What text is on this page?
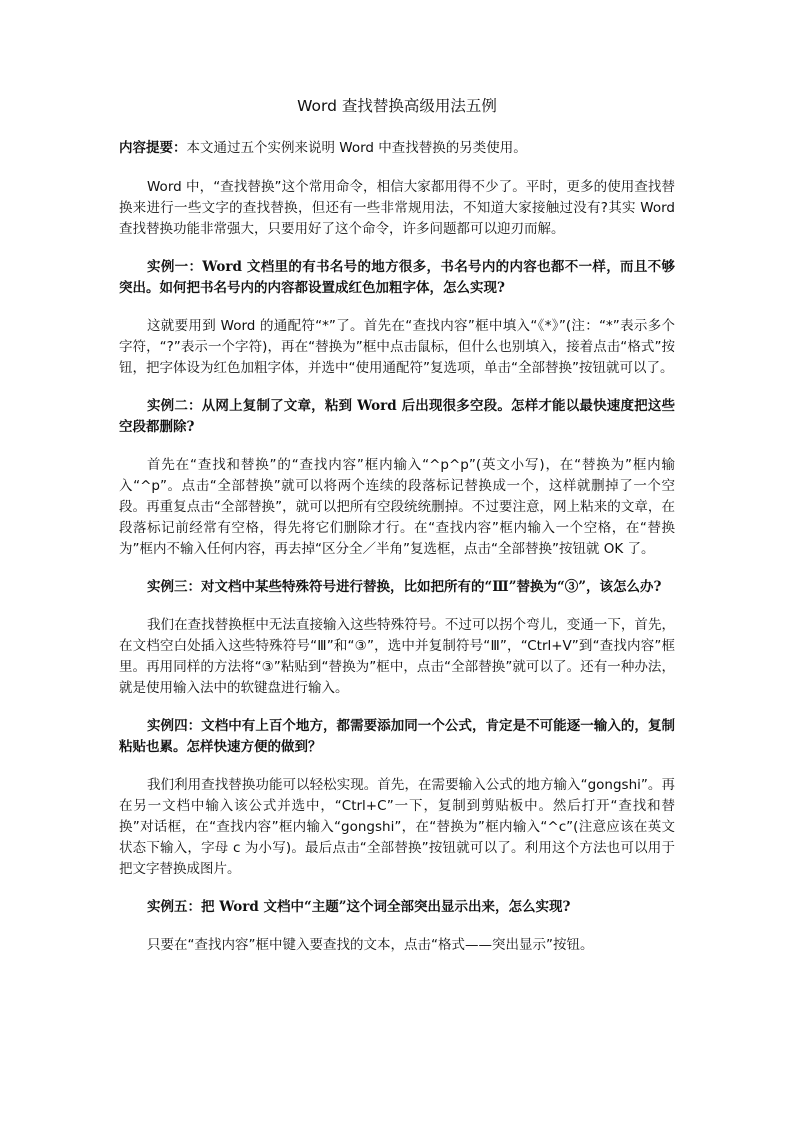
Word 查找替换高级用法五例

内容提要：本文通过五个实例来说明 Word 中查找替换的另类使用。

Word 中，“查找替换”这个常用命令，相信大家都用得不少了。平时，更多的使用查找替换来进行一些文字的查找替换，但还有一些非常规用法，不知道大家接触过没有?其实 Word 查找替换功能非常强大，只要用好了这个命令，许多问题都可以迎刃而解。

实例一：Word 文档里的有书名号的地方很多，书名号内的内容也都不一样，而且不够突出。如何把书名号内的内容都设置成红色加粗字体，怎么实现?

这就要用到 Word 的通配符“*”了。首先在“查找内容”框中填入“《*》”(注：“*”表示多个字符，“?”表示一个字符)，再在“替换为”框中点击鼠标，但什么也别填入，接着点击“格式”按钮，把字体设为红色加粗字体，并选中“使用通配符”复选项，单击“全部替换”按钮就可以了。

实例二：从网上复制了文章，粘到 Word 后出现很多空段。怎样才能以最快速度把这些空段都删除?

首先在“查找和替换”的“查找内容”框内输入“^p^p”(英文小写)，在“替换为”框内输入“^p”。点击“全部替换”就可以将两个连续的段落标记替换成一个，这样就删掉了一个空段。再重复点击“全部替换”，就可以把所有空段统统删掉。不过要注意，网上粘来的文章，在段落标记前经常有空格，得先将它们删除才行。在“查找内容”框内输入一个空格，在“替换为”框内不输入任何内容，再去掉“区分全／半角”复选框，点击“全部替换”按钮就 OK 了。

实例三：对文档中某些特殊符号进行替换，比如把所有的“Ⅲ”替换为“③”，该怎么办?

我们在查找替换框中无法直接输入这些特殊符号。不过可以拐个弯儿，变通一下，首先，在文档空白处插入这些特殊符号“Ⅲ”和“③”，选中并复制符号“Ⅲ”，“Ctrl+V”到“查找内容”框里。再用同样的方法将“③”粘贴到“替换为”框中，点击“全部替换”就可以了。还有一种办法，就是使用输入法中的软键盘进行输入。

实例四：文档中有上百个地方，都需要添加同一个公式，肯定是不可能逐一输入的，复制粘贴也累。怎样快速方便的做到？

我们利用查找替换功能可以轻松实现。首先，在需要输入公式的地方输入“gongshi”。再在另一文档中输入该公式并选中，“Ctrl+C”一下，复制到剪贴板中。然后打开“查找和替换”对话框，在“查找内容”框内输入“gongshi”，在“替换为”框内输入“^c”(注意应该在英文状态下输入，字母 c 为小写)。最后点击“全部替换”按钮就可以了。利用这个方法也可以用于把文字替换成图片。

实例五：把 Word 文档中“主题”这个词全部突出显示出来，怎么实现?

只要在“查找内容”框中键入要查找的文本，点击“格式——突出显示”按钮。
